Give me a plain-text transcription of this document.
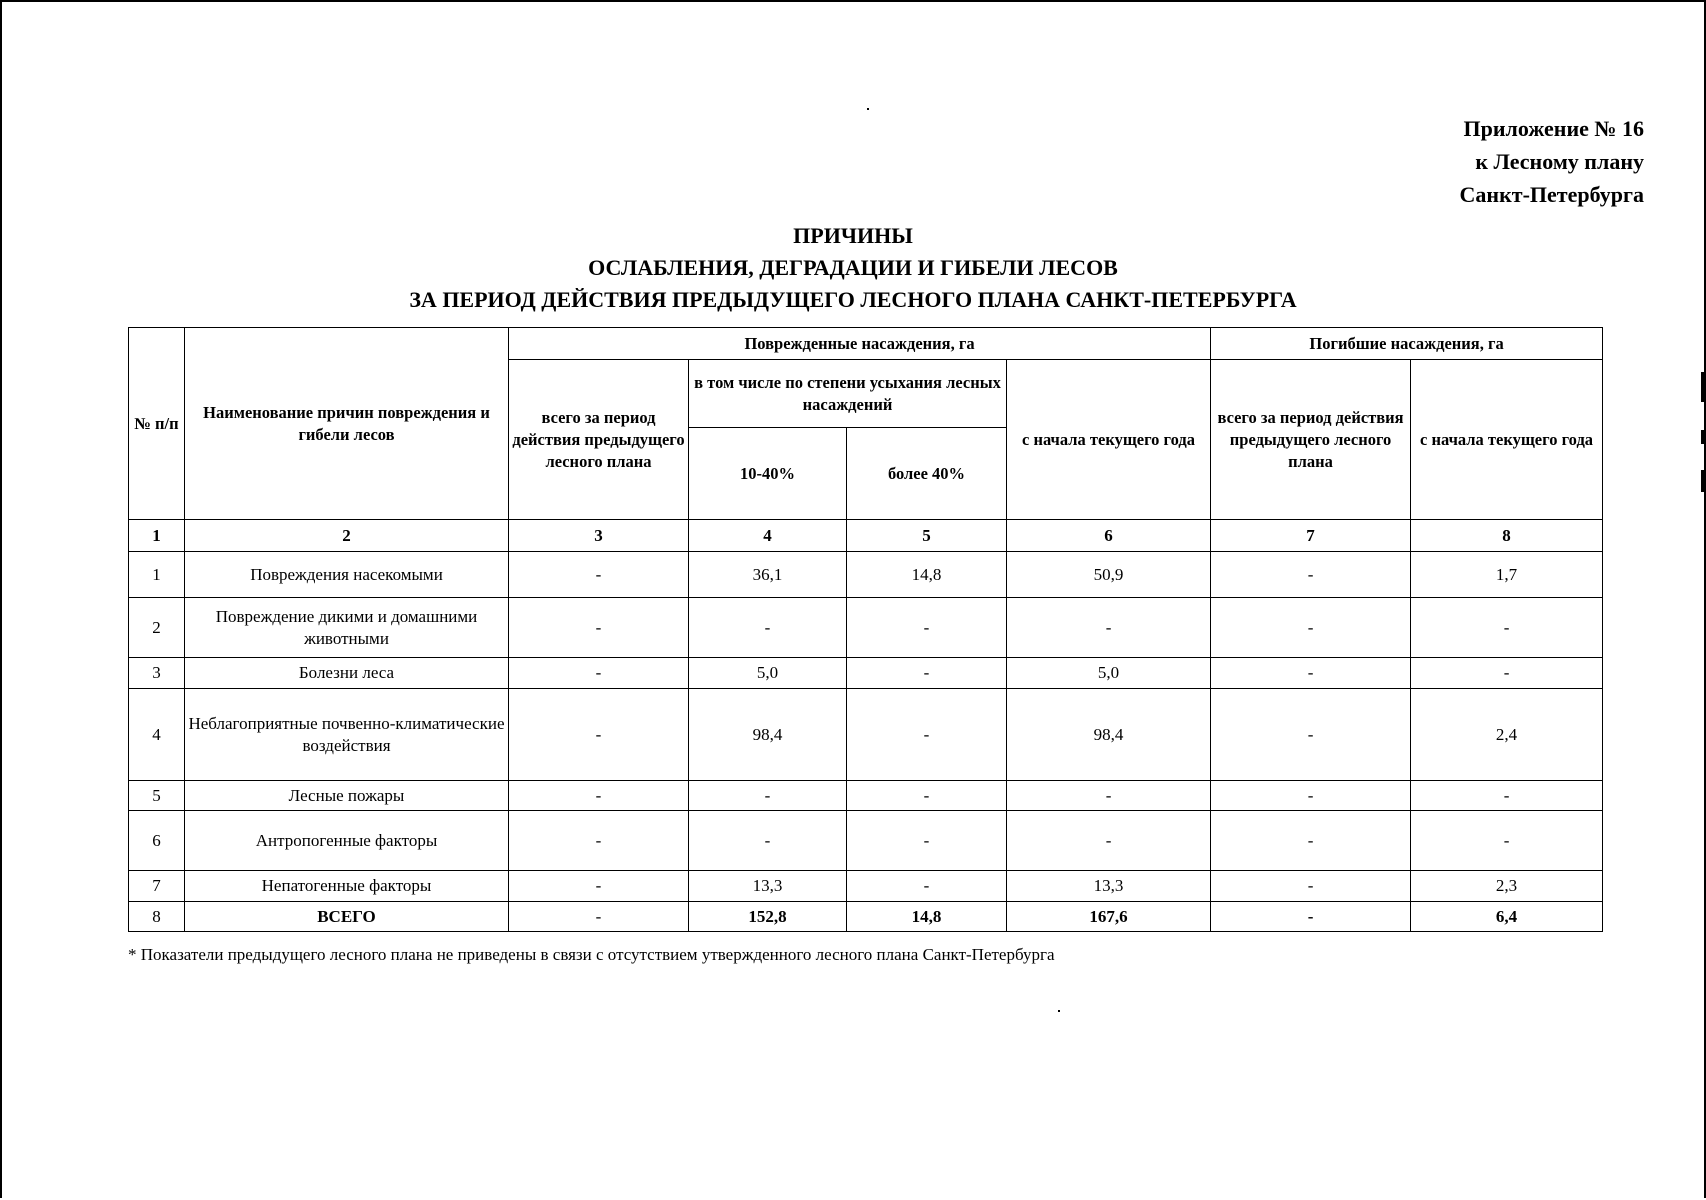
Приложение № 16
к Лесному плану
Санкт-Петербурга
ПРИЧИНЫ
ОСЛАБЛЕНИЯ, ДЕГРАДАЦИИ И ГИБЕЛИ ЛЕСОВ
ЗА ПЕРИОД ДЕЙСТВИЯ ПРЕДЫДУЩЕГО ЛЕСНОГО ПЛАНА САНКТ-ПЕТЕРБУРГА
№ п/п	Наименование причин повреждения и гибели лесов	Поврежденные насаждения, га				Погибшие насаждения, га	
		всего за период действия предыдущего лесного плана	в том числе по степени усыхания лесных насаждений		с начала текущего года	всего за период действия предыдущего лесного плана	с начала текущего года
			10-40%	более 40%			
1	2	3	4	5	6	7	8
1	Повреждения насекомыми	-	36,1	14,8	50,9	-	1,7
2	Повреждение дикими и домашними животными	-	-	-	-	-	-
3	Болезни леса	-	5,0	-	5,0	-	-
4	Неблагоприятные почвенно-климатические воздействия	-	98,4	-	98,4	-	2,4
5	Лесные пожары	-	-	-	-	-	-
6	Антропогенные факторы	-	-	-	-	-	-
7	Непатогенные факторы	-	13,3	-	13,3	-	2,3
8	ВСЕГО	-	152,8	14,8	167,6	-	6,4
* Показатели предыдущего лесного плана не приведены в связи с отсутствием утвержденного лесного плана Санкт-Петербурга
